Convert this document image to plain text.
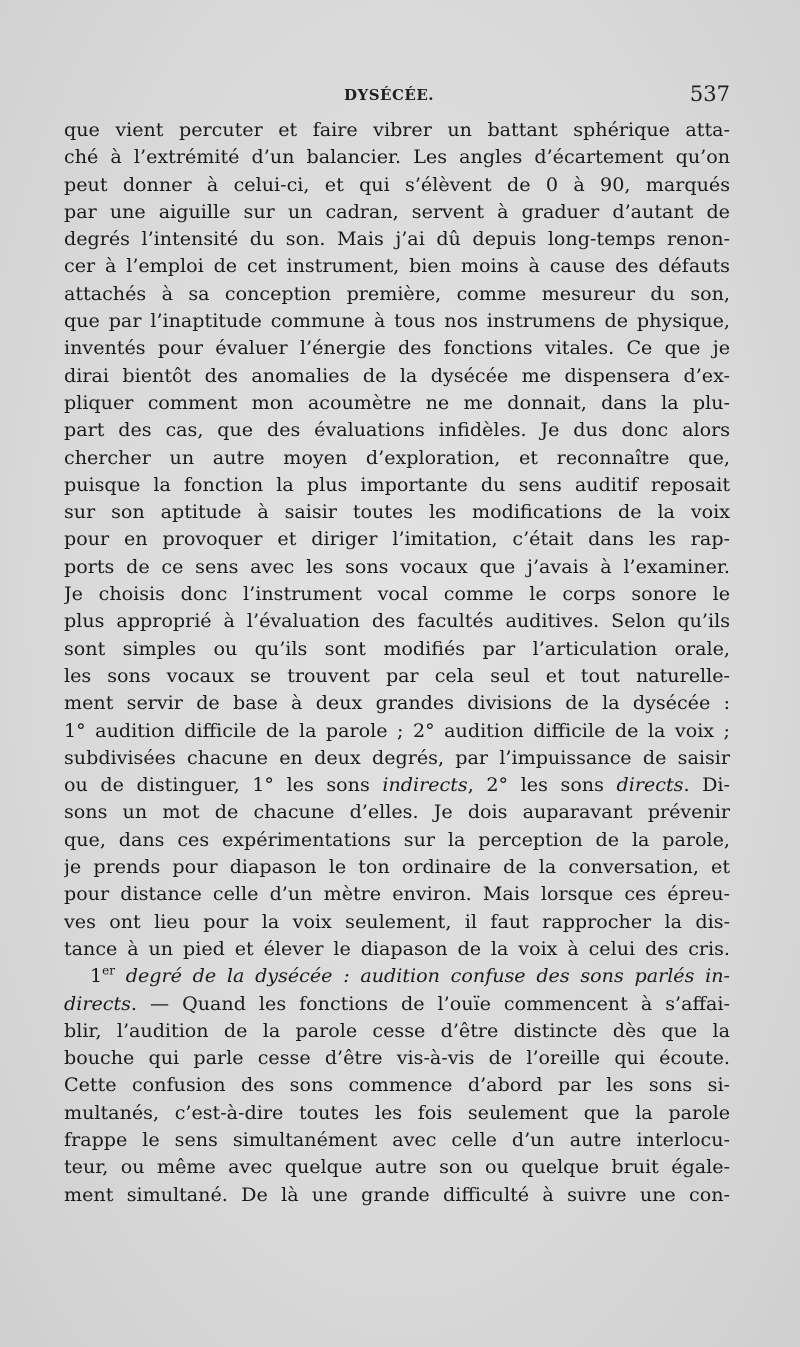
DYSÉCÉE.	537
que vient percuter et faire vibrer un battant sphérique atta-
ché à l’extrémité d’un balancier. Les angles d’écartement qu’on
peut donner à celui-ci, et qui s’élèvent de 0 à 90, marqués
par une aiguille sur un cadran, servent à graduer d’autant de
degrés l’intensité du son. Mais j’ai dû depuis long-temps renon-
cer à l’emploi de cet instrument, bien moins à cause des défauts
attachés à sa conception première, comme mesureur du son,
que par l’inaptitude commune à tous nos instrumens de physique,
inventés pour évaluer l’énergie des fonctions vitales. Ce que je
dirai bientôt des anomalies de la dysécée me dispensera d’ex-
pliquer comment mon acoumètre ne me donnait, dans la plu-
part des cas, que des évaluations infidèles. Je dus donc alors
chercher un autre moyen d’exploration, et reconnaître que,
puisque la fonction la plus importante du sens auditif reposait
sur son aptitude à saisir toutes les modifications de la voix
pour en provoquer et diriger l’imitation, c’était dans les rap-
ports de ce sens avec les sons vocaux que j’avais à l’examiner.
Je choisis donc l’instrument vocal comme le corps sonore le
plus approprié à l’évaluation des facultés auditives. Selon qu’ils
sont simples ou qu’ils sont modifiés par l’articulation orale,
les sons vocaux se trouvent par cela seul et tout naturelle-
ment servir de base à deux grandes divisions de la dysécée :
1° audition difficile de la parole ; 2° audition difficile de la voix ;
subdivisées chacune en deux degrés, par l’impuissance de saisir
ou de distinguer, 1° les sons indirects, 2° les sons directs. Di-
sons un mot de chacune d’elles. Je dois auparavant prévenir
que, dans ces expérimentations sur la perception de la parole,
je prends pour diapason le ton ordinaire de la conversation, et
pour distance celle d’un mètre environ. Mais lorsque ces épreu-
ves ont lieu pour la voix seulement, il faut rapprocher la dis-
tance à un pied et élever le diapason de la voix à celui des cris.
1er degré de la dysécée : audition confuse des sons parlés in-
directs. — Quand les fonctions de l’ouïe commencent à s’affai-
blir, l’audition de la parole cesse d’être distincte dès que la
bouche qui parle cesse d’être vis-à-vis de l’oreille qui écoute.
Cette confusion des sons commence d’abord par les sons si-
multanés, c’est-à-dire toutes les fois seulement que la parole
frappe le sens simultanément avec celle d’un autre interlocu-
teur, ou même avec quelque autre son ou quelque bruit égale-
ment simultané. De là une grande difficulté à suivre une con-
